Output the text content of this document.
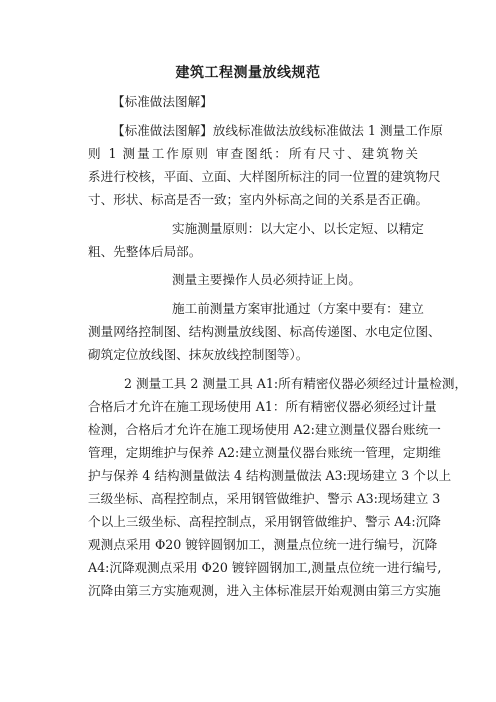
建筑工程测量放线规范
【标准做法图解】
【标准做法图解】放线标准做法放线标准做法 1 测量工作原
则 1 测量工作原则 审查图纸：所有尺寸、建筑物关
系进行校核，平面、立面、大样图所标注的同一位置的建筑物尺
寸、形状、标高是否一致；室内外标高之间的关系是否正确。
实施测量原则：以大定小、以长定短、以精定
粗、先整体后局部。
测量主要操作人员必须持证上岗。
施工前测量方案审批通过（方案中要有：建立
测量网络控制图、结构测量放线图、标高传递图、水电定位图、
砌筑定位放线图、抹灰放线控制图等）。
2 测量工具 2 测量工具 A1:所有精密仪器必须经过计量检测，
合格后才允许在施工现场使用 A1：所有精密仪器必须经过计量
检测，合格后才允许在施工现场使用 A2:建立测量仪器台账统一
管理，定期维护与保养 A2:建立测量仪器台账统一管理，定期维
护与保养 4 结构测量做法 4 结构测量做法 A3:现场建立 3 个以上
三级坐标、高程控制点，采用钢管做维护、警示 A3:现场建立 3
个以上三级坐标、高程控制点，采用钢管做维护、警示 A4:沉降
观测点采用 Φ20 镀锌圆钢加工，测量点位统一进行编号，沉降
A4:沉降观测点采用 Φ20 镀锌圆钢加工,测量点位统一进行编号,
沉降由第三方实施观测，进入主体标准层开始观测由第三方实施
